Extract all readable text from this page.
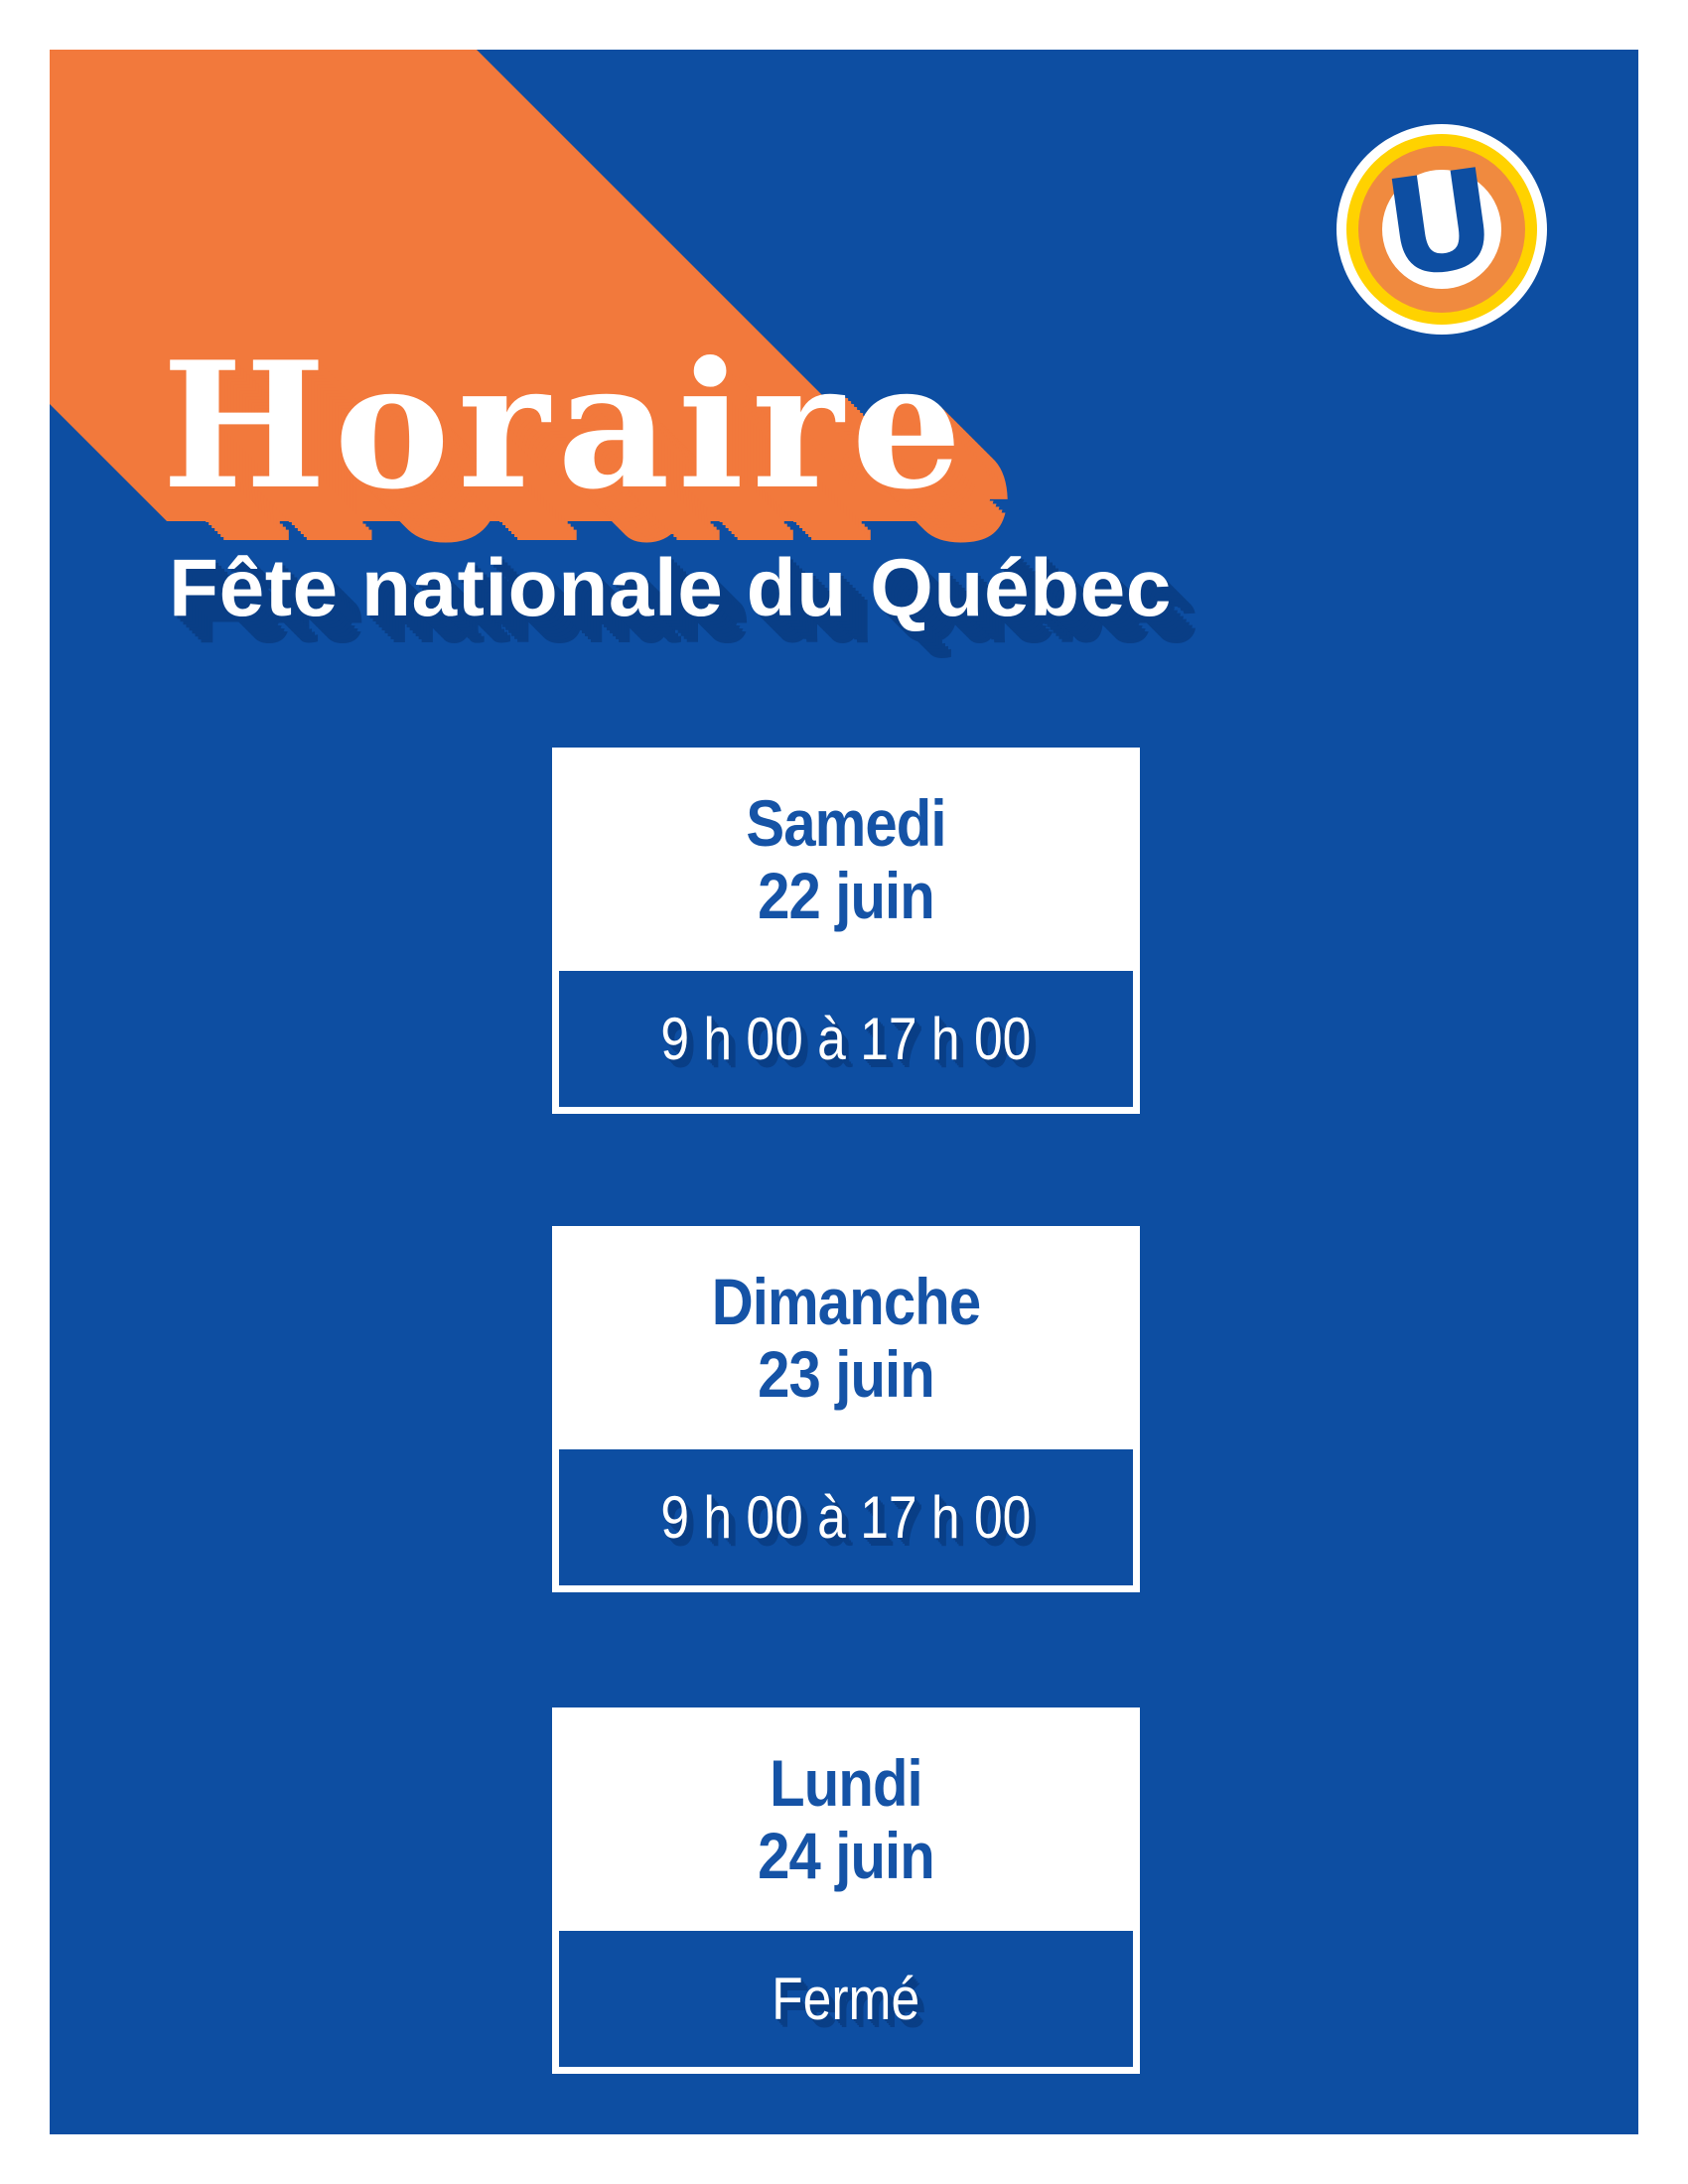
Horaire
Fête nationale du Québec
U
Samedi
22 juin
9 h 00 à 17 h 00
Dimanche
23 juin
9 h 00 à 17 h 00
Lundi
24 juin
Fermé
